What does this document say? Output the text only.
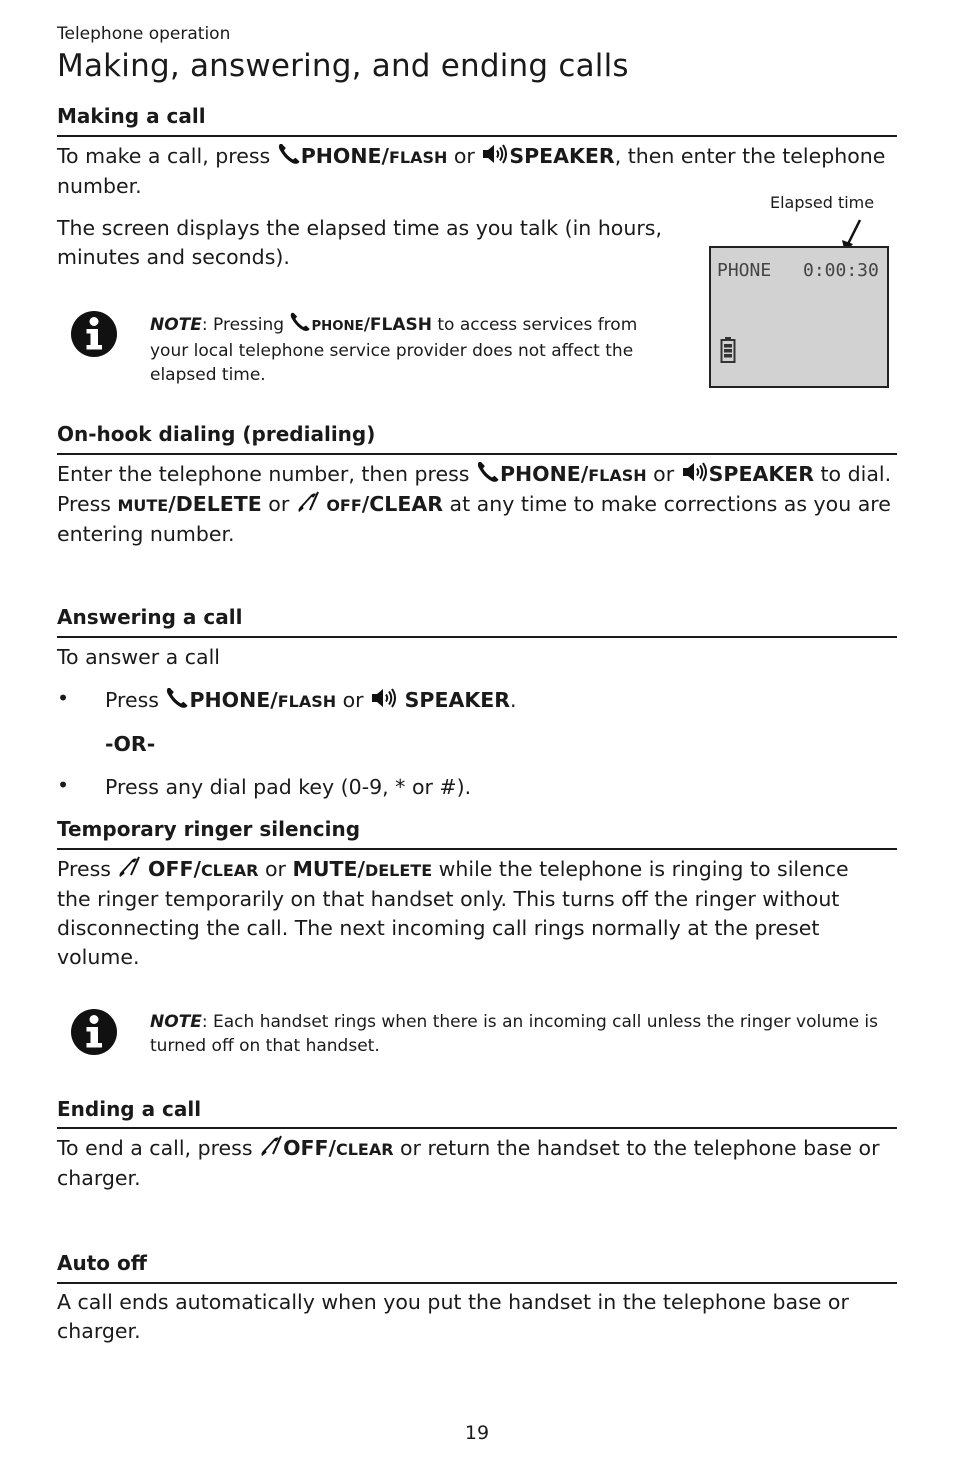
Telephone operation
Making, answering, and ending calls
Making a call
To make a call, press PHONE/FLASH or SPEAKER, then enter the telephone
number.
The screen displays the elapsed time as you talk (in hours,
minutes and seconds).
NOTE: Pressing PHONE/FLASH to access services from
your local telephone service provider does not affect the
elapsed time.
Elapsed time
PHONE 0:00:30
On-hook dialing (predialing)
Enter the telephone number, then press PHONE/FLASH or SPEAKER to dial.
Press MUTE/DELETE or  OFF/CLEAR at any time to make corrections as you are
entering number.
Answering a call
To answer a call
• Press PHONE/FLASH or  SPEAKER.
-OR-
• Press any dial pad key (0-9, * or #).
Temporary ringer silencing
Press  OFF/CLEAR or MUTE/DELETE while the telephone is ringing to silence
the ringer temporarily on that handset only. This turns off the ringer without
disconnecting the call. The next incoming call rings normally at the preset
volume.
NOTE: Each handset rings when there is an incoming call unless the ringer volume is
turned off on that handset.
Ending a call
To end a call, press OFF/CLEAR or return the handset to the telephone base or
charger.
Auto off
A call ends automatically when you put the handset in the telephone base or
charger.
19
